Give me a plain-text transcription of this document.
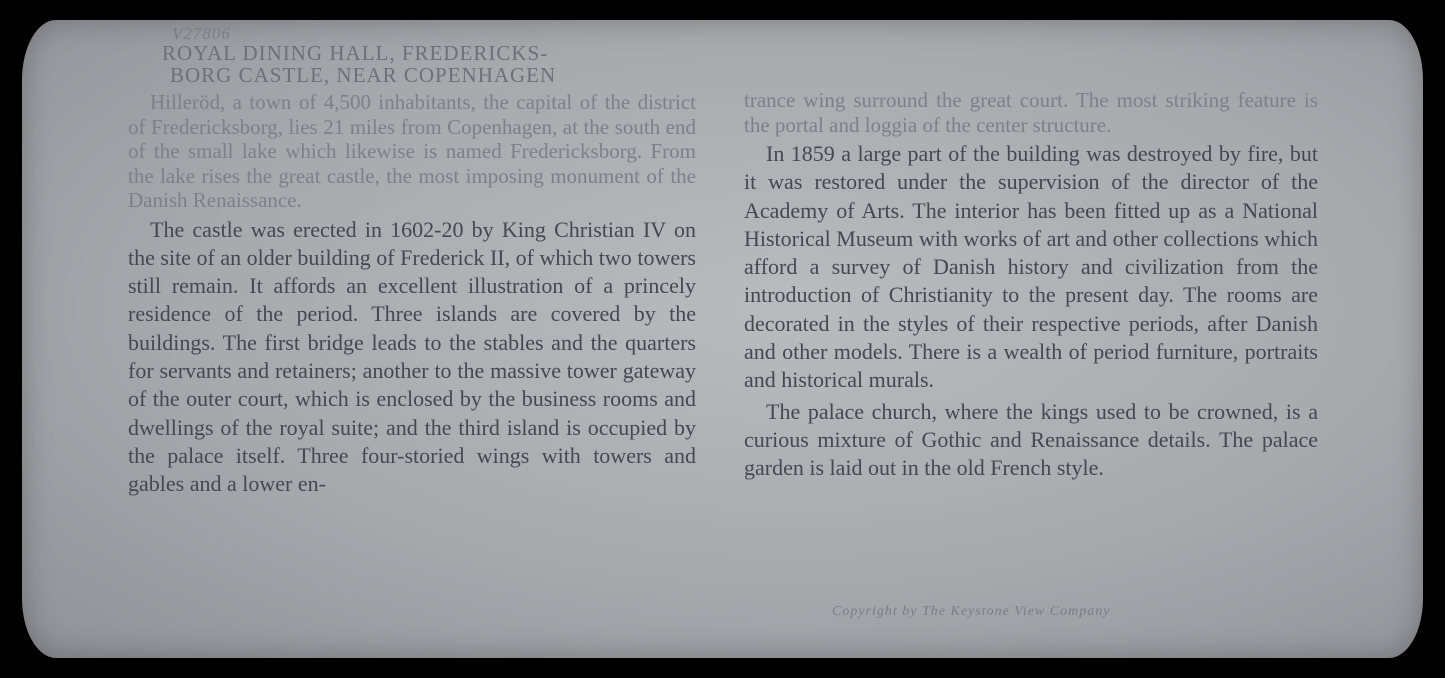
V27806
ROYAL DINING HALL, FREDERICKS-
BORG CASTLE, NEAR COPENHAGEN

Hilleröd, a town of 4,500 inhabitants, the capital of the district of Fredericksborg, lies 21 miles from Copenhagen, at the south end of the small lake which likewise is named Fredericksborg. From the lake rises the great castle, the most imposing monument of the Danish Renaissance.

The castle was erected in 1602-20 by King Christian IV on the site of an older building of Frederick II, of which two towers still remain. It affords an excellent illustration of a princely residence of the period. Three islands are covered by the buildings. The first bridge leads to the stables and the quarters for servants and retainers; another to the massive tower gateway of the outer court, which is enclosed by the business rooms and dwellings of the royal suite; and the third island is occupied by the palace itself. Three four-storied wings with towers and gables and a lower en-

trance wing surround the great court. The most striking feature is the portal and loggia of the center structure.

In 1859 a large part of the building was destroyed by fire, but it was restored under the supervision of the director of the Academy of Arts. The interior has been fitted up as a National Historical Museum with works of art and other collections which afford a survey of Danish history and civilization from the introduction of Christianity to the present day. The rooms are decorated in the styles of their respective periods, after Danish and other models. There is a wealth of period furniture, portraits and historical murals.

The palace church, where the kings used to be crowned, is a curious mixture of Gothic and Renaissance details. The palace garden is laid out in the old French style.

Copyright by The Keystone View Company
